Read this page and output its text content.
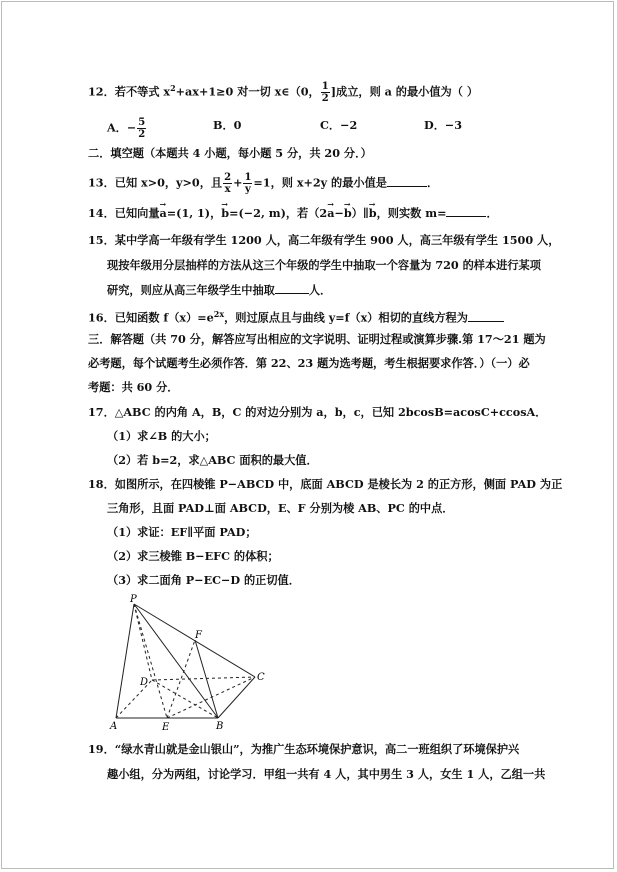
12．若不等式 $x^2+ax+1\ge 0$ 对一切 x∈（0， $\frac{1}{2}$ ]成立，则 a 的最小值为（ ）
A．− $\frac{5}{2}$	B．0	C．−2	D．−3
二．填空题（本题共 4 小题，每小题 5 分，共 20 分．）
13．已知 x>0，y>0，且 $\frac{2}{x} + \frac{1}{y} =1$，则 x+2y 的最小值是	．
14．已知向量→ a=(1, 1)，→ b=(−2, m)，若（2→ a−→ b）∥→ b，则实数 m=	．
15．某中学高一年级有学生 1200 人，高二年级有学生 900 人，高三年级有学生 1500 人，
现按年级用分层抽样的方法从这三个年级的学生中抽取一个容量为 720 的样本进行某项
研究，则应从高三年级学生中抽取	人．
16．已知函数 $f(x)=e^{2x}$，则过原点且与曲线 y=f（x）相切的直线方程为
三．解答题（共 70 分，解答应写出相应的文字说明、证明过程或演算步骤.第 17～21 题为
必考题，每个试题考生必须作答．第 22、23 题为选考题，考生根据要求作答．）（一）必
考题：共 60 分．
17．△ABC 的内角 A，B，C 的对边分别为 a，b，c，已知 2bcosB=acosC+ccosA．
（1）求∠B 的大小；
（2）若 b=2，求△ABC 面积的最大值．
18．如图所示，在四棱锥 P−ABCD 中，底面 ABCD 是棱长为 2 的正方形，侧面 PAD 为正
三角形，且面 PAD⊥面 ABCD，E、F 分别为棱 AB、PC 的中点．
（1）求证：EF∥平面 PAD；
（2）求三棱锥 B−EFC 的体积；
（3）求二面角 P−EC−D 的正切值．
P
F
D	C
A	E	B
19．“绿水青山就是金山银山”，为推广生态环境保护意识，高二一班组织了环境保护兴
趣小组，分为两组，讨论学习．甲组一共有 4 人，其中男生 3 人，女生 1 人，乙组一共
